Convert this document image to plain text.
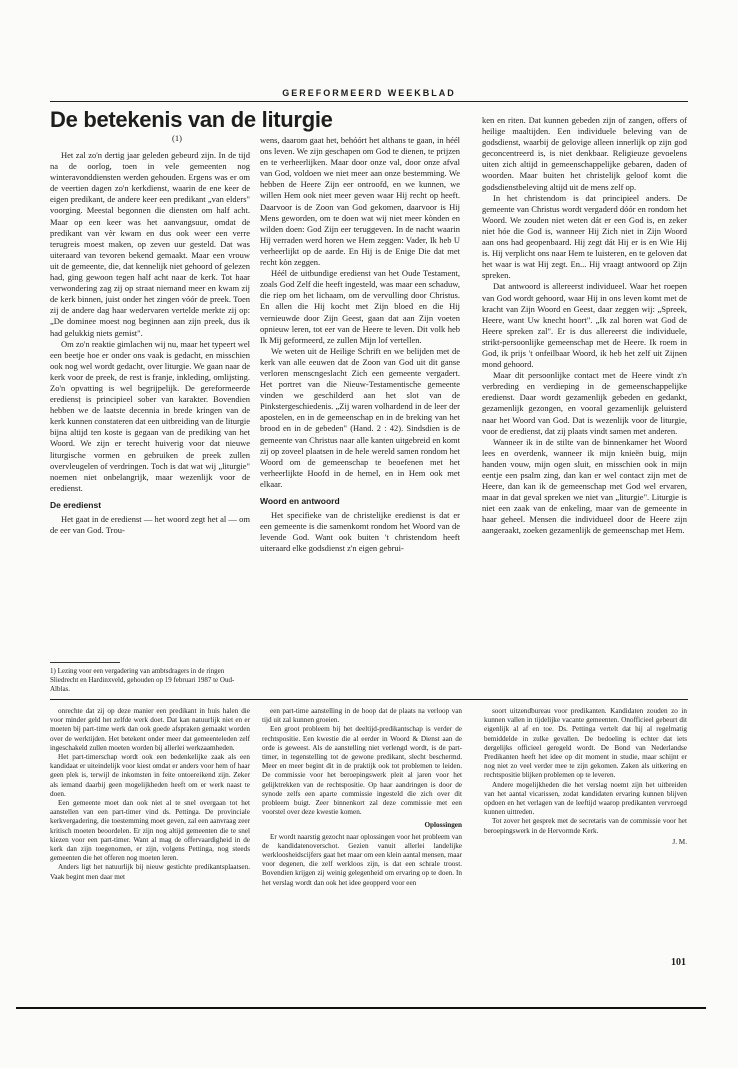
GEREFORMEERD WEEKBLAD
De betekenis van de liturgie
(1)

Het zal zo'n dertig jaar geleden gebeurd zijn. In de tijd na de oorlog, toen in vele gemeenten nog winteravonddiensten werden gehouden. Ergens was er om de veertien dagen zo'n kerkdienst, waarin de ene keer de eigen predikant, de andere keer een predikant „van elders" voorging. Meestal begonnen die diensten om half acht. Maar op een keer was het aanvangsuur, omdat de predikant van vèr kwam en dus ook weer een verre terugreis moest maken, op zeven uur gesteld. Dat was uiteraard van tevoren bekend gemaakt. Maar een vrouw uit de gemeente, die, dat kennelijk niet gehoord of gelezen had, ging gewoon tegen half acht naar de kerk. Tot haar verwondering zag zij op straat niemand meer en kwam zij de kerk binnen, juist onder het zingen vóór de preek. Toen zij de andere dag haar wedervaren vertelde merkte zij op: „De dominee moest nog beginnen aan zijn preek, dus ik had gelukkig niets gemist".

Om zo'n reaktie gimlachen wij nu, maar het typeert wel een beetje hoe er onder ons vaak is gedacht, en misschien ook nog wel wordt gedacht, over liturgie. We gaan naar de kerk voor de preek, de rest is franje, inkleding, omlijsting. Zo'n opvatting is wel begrijpelijk. De gereformeerde erediensṭ is principieel sober van karakter. Bovendien hebben we de laatste decennia in brede kringen van de kerk kunnen constateren dat een uitbreiding van de liturgie bijna altijd ten koste is gegaan van de prediking van het Woord. We zijn er terecht huiverig voor dat nieuwe liturgische vormen en gebruiken de preek zullen overvleugelen of verdringen. Toch is dat wat wij „liturgie" noemen niet onbelangrijk, maar wezenlijk voor de eredienst.

De eredienst

Het gaat in de eredienst — het woord zegt het al — om de eer van God. Trou-

1) Lezing voor een vergadering van ambtsdragers in de ringen Sliedrecht en Hardinxveld, gehouden op 19 februari 1987 te Oud-Alblas.

wens, daarom gaat het, behóórt het althans te gaan, in héél ons leven. We zijn geschapen om God te dienen, te prijzen en te verheerlijken. Maar door onze val, door onze afval van God, voldoen we niet meer aan onze bestemming. We hebben de Heere Zijn eer ontroofd, en we kunnen, we willen Hem ook niet meer geven waar Hij recht op heeft. Daarvoor is de Zoon van God gekomen, daarvoor is Hij Mens geworden, om te doen wat wij niet meer kònden en wilden doen: God Zijn eer teruggeven. In de nacht waarin Hij verraden werd horen we Hem zeggen: Vader, Ik heb U verheerlijkt op de aarde. En Hij is de Enige Die dat met recht kòn zeggen.

Héél de uitbundige eredienst van het Oude Testament, zoals God Zelf die heeft ingesteld, was maar een schaduw, die riep om het lichaam, om de vervulling door Christus. En allen die Hij kocht met Zijn bloed en die Hij vernieuwde door Zijn Geest, gaan dat aan Zijn voeten opnieuw leren, tot eer van de Heere te leven. Dit volk heb Ik Mij geformeerd, ze zullen Mijn lof vertellen.

We weten uit de Heilige Schrift en we belijden met de kerk van alle eeuwen dat de Zoon van God uit dit ganse verloren menscngeslacht Zich een gemeente vergadert. Het portret van die Nieuw-Testamentische gemeente vinden we geschilderd aan het slot van de Pinkstergeschiedenis. „Zij waren volhardend in de leer der apostelen, en in de gemeenschap en in de breking van het brood en in de gebeden" (Hand. 2 : 42). Sindsdien is de gemeente van Christus naar alle kanten uitgebreid en komt zij op zoveel plaatsen in de hele wereld samen rondom het Woord om de gemeenschap te beoefenen met het verheerlijkte Hoofd in de hemel, en in Hem ook met elkaar.

Woord en antwoord

Het specifieke van de christelijke eredienst is dat er een gemeente is die samenkomt rondom het Woord van de levende God. Want ook buiten 't christendom heeft uiteraard elke godsdienst z'n eigen gebrui-

ken en riten. Dat kunnen gebeden zijn of zangen, offers of heilige maaltijden. Een individuele beleving van de godsdienst, waarbij de gelovige alleen innerlijk op zijn god geconcentreerd is, is niet denkbaar. Religieuze gevoelens uiten zich altijd in gemeenschappelijke gebaren, daden of woorden. Maar buiten het christelijk geloof komt die godsdienstbeleving altijd uit de mens zelf op.

In het christendom is dat principieel anders. De gemeente van Christus wordt vergaderd dóór en rondom het Woord. We zouden niet weten dát er een God is, en zeker niet hóe die God is, wanneer Hij Zich niet in Zijn Woord aan ons had geopenbaard. Hij zegt dát Hij er is en Wie Hij is. Hij verplicht ons naar Hem te luisteren, en te geloven dat het waar is wat Hij zegt. En... Hij vraagt antwoord op Zijn spreken.

Dat antwoord is allereerst individueel. Waar het roepen van God wordt gehoord, waar Hij in ons leven komt met de kracht van Zijn Woord en Geest, daar zeggen wij: „Spreek, Heere, want Uw knecht hoort". „Ik zal horen wat God de Heere spreken zal". Er is dus allereerst die individuele, strikt-persoonlijke gemeenschap met de Heere. Ik roem in God, ik prijs 't onfeilbaar Woord, ik heb het zelf uit Zijnen mond gehoord.

Maar dit persoonlijke contact met de Heere vindt z'n verbreding en verdieping in de gemeenschappelijke eredienst. Daar wordt gezamenlijk gebeden en gedankt, gezamenlijk gezongen, en vooral gezamenlijk geluisterd naar het Woord van God. Dat is wezenlijk voor de liturgie, voor de eredienst, dat zij plaats vindt samen met anderen.

Wanneer ik in de stilte van de binnenkamer het Woord lees en overdenk, wanneer ik mijn knieën buig, mijn handen vouw, mijn ogen sluit, en misschien ook in mijn eentje een psalm zing, dan kan er wel contact zijn met de Heere, dan kan ik de gemeenschap met God wel ervaren, maar in dat geval spreken we niet van „liturgie". Liturgie is niet een zaak van de enkeling, maar van de gemeente in haar geheel. Mensen die individueel door de Heere zijn aangeraakt, zoeken gezamenlijk de gemeenschap met Hem.

onrechte dat zij op deze manier een predikant in huis halen die voor minder geld het zelfde werk doet. Dat kan natuurlijk niet en er moeten bij part-time werk dan ook goede afspraken gemaakt worden over de werktijden. Het betekent onder meer dat gemeenteleden zelf ingeschakeld zullen moeten worden bij allerlei werkzaamheden.

Het part-timerschap wordt ook een bedenkelijke zaak als een kandidaat er uiteindelijk voor kiest omdat er anders voor hem of haar geen plek is, terwijl de inkomsten in feite ontoereikend zijn. Zeker als iemand daarbij geen mogelijkheden heeft om er werk naast te doen.

Een gemeente moet dan ook niet al te snel overgaan tot het aanstellen van een part-timer vind ds. Pettinga. De provinciale kerkvergadering, die toestemming moet geven, zal een aanvraag zeer kritisch moeten beoordelen. Er zijn nog altijd gemeenten die te snel kiezen voor een part-timer. Want al mag de offervaardigheid in de kerk dan zijn toegenomen, er zijn, volgens Pettinga, nog steeds gemeenten die het offeren nog moeten leren.

Anders ligt het natuurlijk bij nieuw gestichte predikantsplaatsen. Vaak begint men daar met

een part-time aanstelling in de hoop dat de plaats na verloop van tijd uit zal kunnen groeien.

Een groot probleem bij het deeltijd-predikantschap is verder de rechtspositie. Een kwestie die al eerder in Woord & Dienst aan de orde is geweest. Als de aanstelling niet verlengd wordt, is de part-timer, in tegenstelling tot de gewone predikant, slecht beschermd. Meer en meer begint dit in de praktijk ook tot problemen te leiden. De commissie voor het beroepingswerk pleit al jaren voor het gelijktrekken van de rechtspositie. Op haar aandringen is door de synode zelfs een aparte commissie ingesteld die zich over dit probleem buigt. Zeer binnenkort zal deze commissie met een voorstel over deze kwestie komen.

Oplossingen

Er wordt naarstig gezocht naar oplossingen voor het probleem van de kandidatenoverschot. Gezien vanuit allerlei landelijke werkloosheidscijfers gaat het maar om een klein aantal mensen, maar voor degenen, die zelf werkloos zijn, is dat een schrale troost. Bovendien krijgen zij weinig gelegenheid om ervaring op te doen. In het verslag wordt dan ook het idee geopperd voor een

soort uitzendbureau voor predikanten. Kandidaten zouden zo in kunnen vallen in tijdelijke vacante gemeenten. Onofficieel gebeurt dit eigenlijk al af en toe. Ds. Pettinga vertelt dat hij al regelmatig bemiddelde in zulke gevallen. De bedoeling is echter dat iets dergelijks officieel geregeld wordt. De Bond van Nederlandse Predikanten heeft het idee op dit moment in studie, maar schijnt er nog niet zo veel verder mee te zijn gekomen. Zaken als uitkering en rechtspositie blijken problemen op te leveren.

Andere mogelijkheden die het verslag noemt zijn het uitbreiden van het aantal vicarissen, zodat kandidaten ervaring kunnen blijven opdoen en het verlagen van de leeftijd waarop predikanten vervroegd kunnen uittreden.

Tot zover het gesprek met de secretaris van de commissie voor het beroepingswerk in de Hervormde Kerk.

J. M.
101
